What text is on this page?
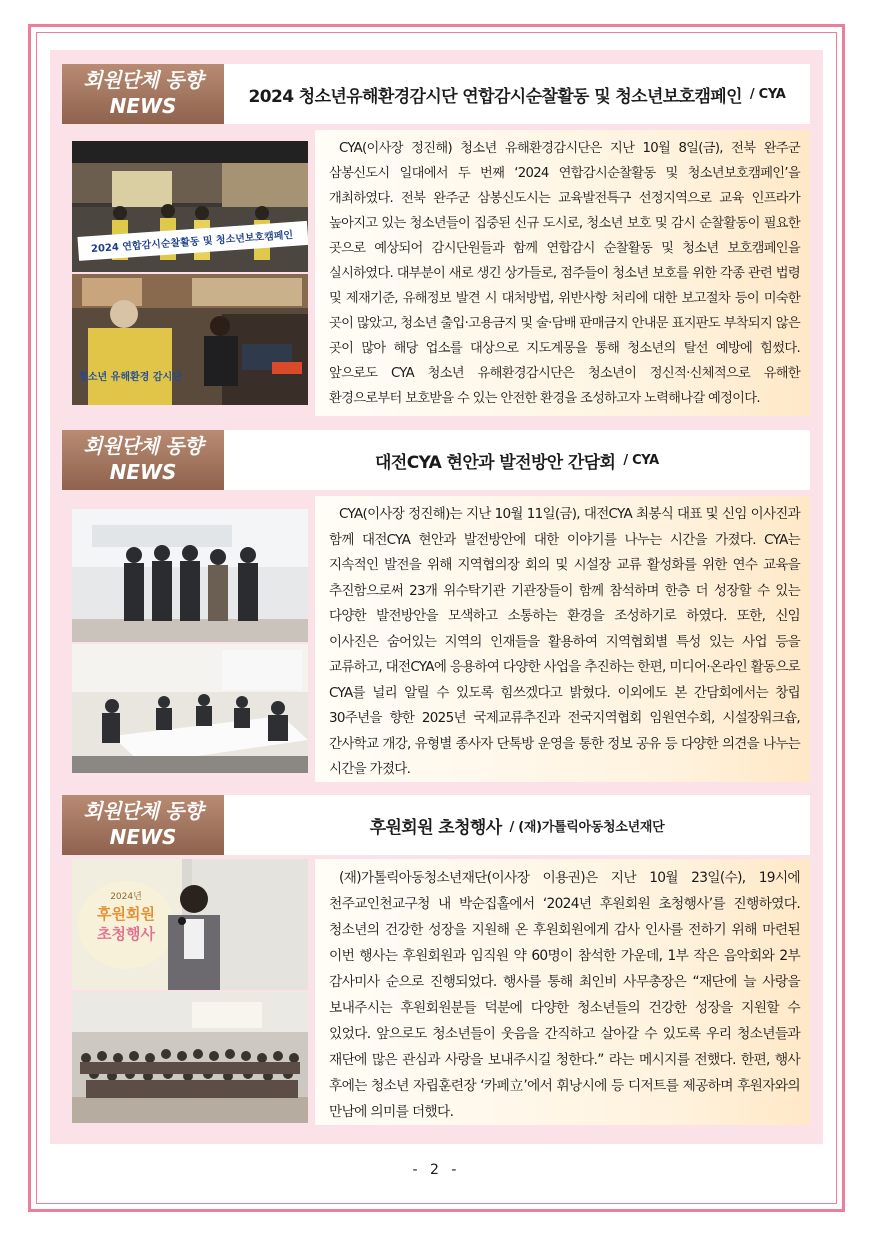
회원단체 동향
NEWS	2024 청소년유해환경감시단 연합감시순찰활동 및 청소년보호캠페인 / CYA
2024 연합감시순찰활동 및 청소년보호캠페인
청소년 유해환경 감시단

CYA(이사장 정진해) 청소년 유해환경감시단은 지난 10월 8일(금), 전북 완주군 삼봉신도시 일대에서 두 번째 ‘2024 연합감시순찰활동 및 청소년보호캠페인’을 개최하였다. 전북 완주군 삼봉신도시는 교육발전특구 선정지역으로 교육 인프라가 높아지고 있는 청소년들이 집중된 신규 도시로, 청소년 보호 및 감시 순찰활동이 필요한 곳으로 예상되어 감시단원들과 함께 연합감시 순찰활동 및 청소년 보호캠페인을 실시하였다. 대부분이 새로 생긴 상가들로, 점주들이 청소년 보호를 위한 각종 관련 법령 및 제재기준, 유해정보 발견 시 대처방법, 위반사항 처리에 대한 보고절차 등이 미숙한 곳이 많았고, 청소년 출입·고용금지 및 술·담배 판매금지 안내문 표지판도 부착되지 않은 곳이 많아 해당 업소를 대상으로 지도계몽을 통해 청소년의 탈선 예방에 힘썼다. 앞으로도 CYA 청소년 유해환경감시단은 청소년이 정신적·신체적으로 유해한 환경으로부터 보호받을 수 있는 안전한 환경을 조성하고자 노력해나갈 예정이다.

회원단체 동향
NEWS	대전CYA 현안과 발전방안 간담회 / CYA

CYA(이사장 정진해)는 지난 10월 11일(금), 대전CYA 최봉식 대표 및 신임 이사진과 함께 대전CYA 현안과 발전방안에 대한 이야기를 나누는 시간을 가졌다. CYA는 지속적인 발전을 위해 지역협의장 회의 및 시설장 교류 활성화를 위한 연수 교육을 추진함으로써 23개 위수탁기관 기관장들이 함께 참석하며 한층 더 성장할 수 있는 다양한 발전방안을 모색하고 소통하는 환경을 조성하기로 하였다. 또한, 신임 이사진은 숨어있는 지역의 인재들을 활용하여 지역협회별 특성 있는 사업 등을 교류하고, 대전CYA에 응용하여 다양한 사업을 추진하는 한편, 미디어·온라인 활동으로 CYA를 널리 알릴 수 있도록 힘쓰겠다고 밝혔다. 이외에도 본 간담회에서는 창립 30주년을 향한 2025년 국제교류추진과 전국지역협회 임원연수회, 시설장워크숍, 간사학교 개강, 유형별 종사자 단톡방 운영을 통한 정보 공유 등 다양한 의견을 나누는 시간을 가졌다.

회원단체 동향
NEWS	후원회원 초청행사 / (재)가톨릭아동청소년재단
2024년
후원회원
초청행사

(재)가톨릭아동청소년재단(이사장 이용권)은 지난 10월 23일(수), 19시에 천주교인천교구청 내 박순집홀에서 ‘2024년 후원회원 초청행사’를 진행하였다. 청소년의 건강한 성장을 지원해 온 후원회원에게 감사 인사를 전하기 위해 마련된 이번 행사는 후원회원과 임직원 약 60명이 참석한 가운데, 1부 작은 음악회와 2부 감사미사 순으로 진행되었다. 행사를 통해 최인비 사무총장은 “재단에 늘 사랑을 보내주시는 후원회원분들 덕분에 다양한 청소년들의 건강한 성장을 지원할 수 있었다. 앞으로도 청소년들이 웃음을 간직하고 살아갈 수 있도록 우리 청소년들과 재단에 많은 관심과 사랑을 보내주시길 청한다.” 라는 메시지를 전했다. 한편, 행사 후에는 청소년 자립훈련장 ‘카페立’에서 휘낭시에 등 디저트를 제공하며 후원자와의 만남에 의미를 더했다.

- 2 -
